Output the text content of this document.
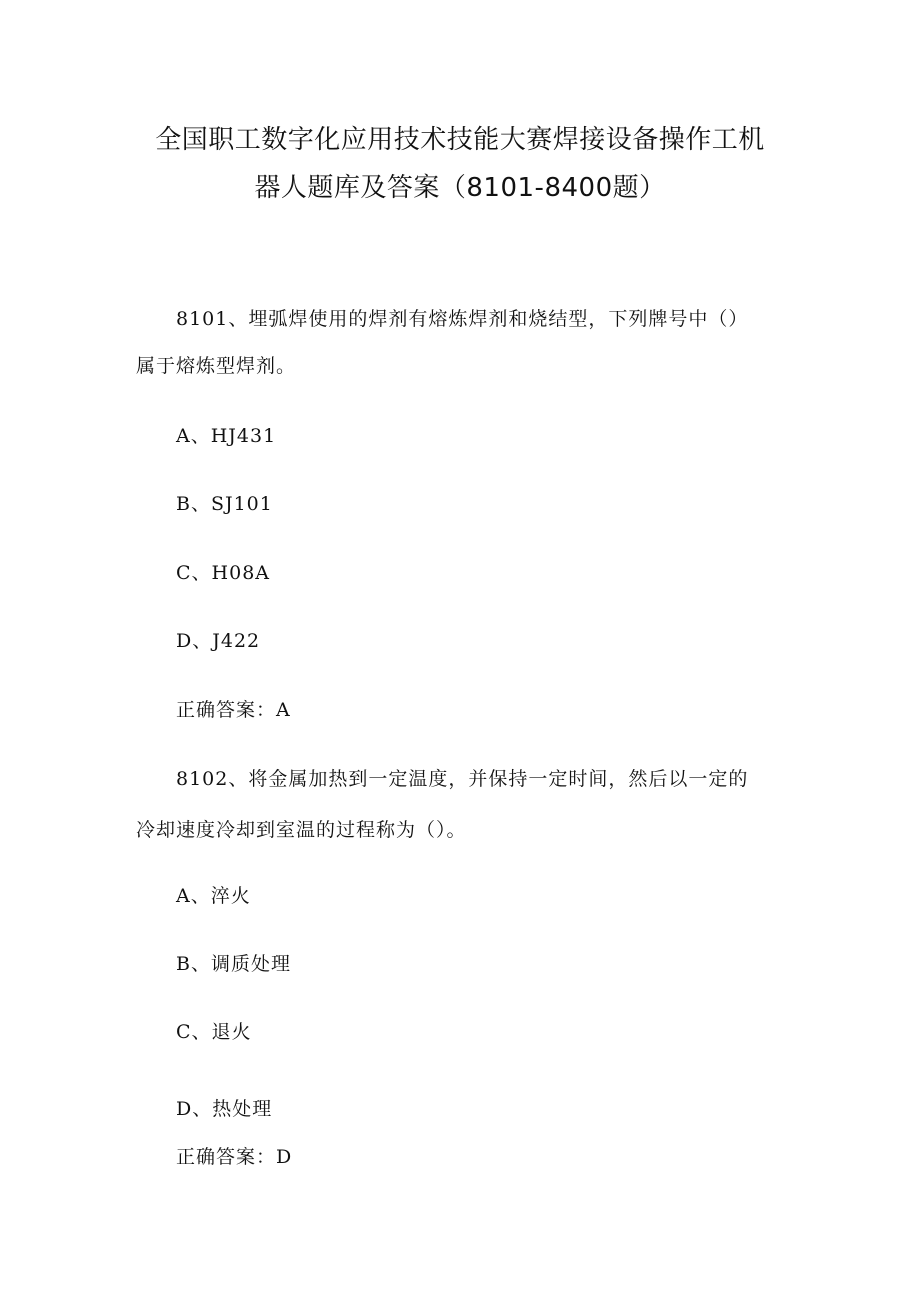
全国职工数字化应用技术技能大赛焊接设备操作工机
器人题库及答案（8101-8400题）
8101、埋弧焊使用的焊剂有熔炼焊剂和烧结型，下列牌号中（）
属于熔炼型焊剂。
A、HJ431
B、SJ101
C、H08A
D、J422
正确答案：A
8102、将金属加热到一定温度，并保持一定时间，然后以一定的
冷却速度冷却到室温的过程称为（）。
A、淬火
B、调质处理
C、退火
D、热处理
正确答案：D
